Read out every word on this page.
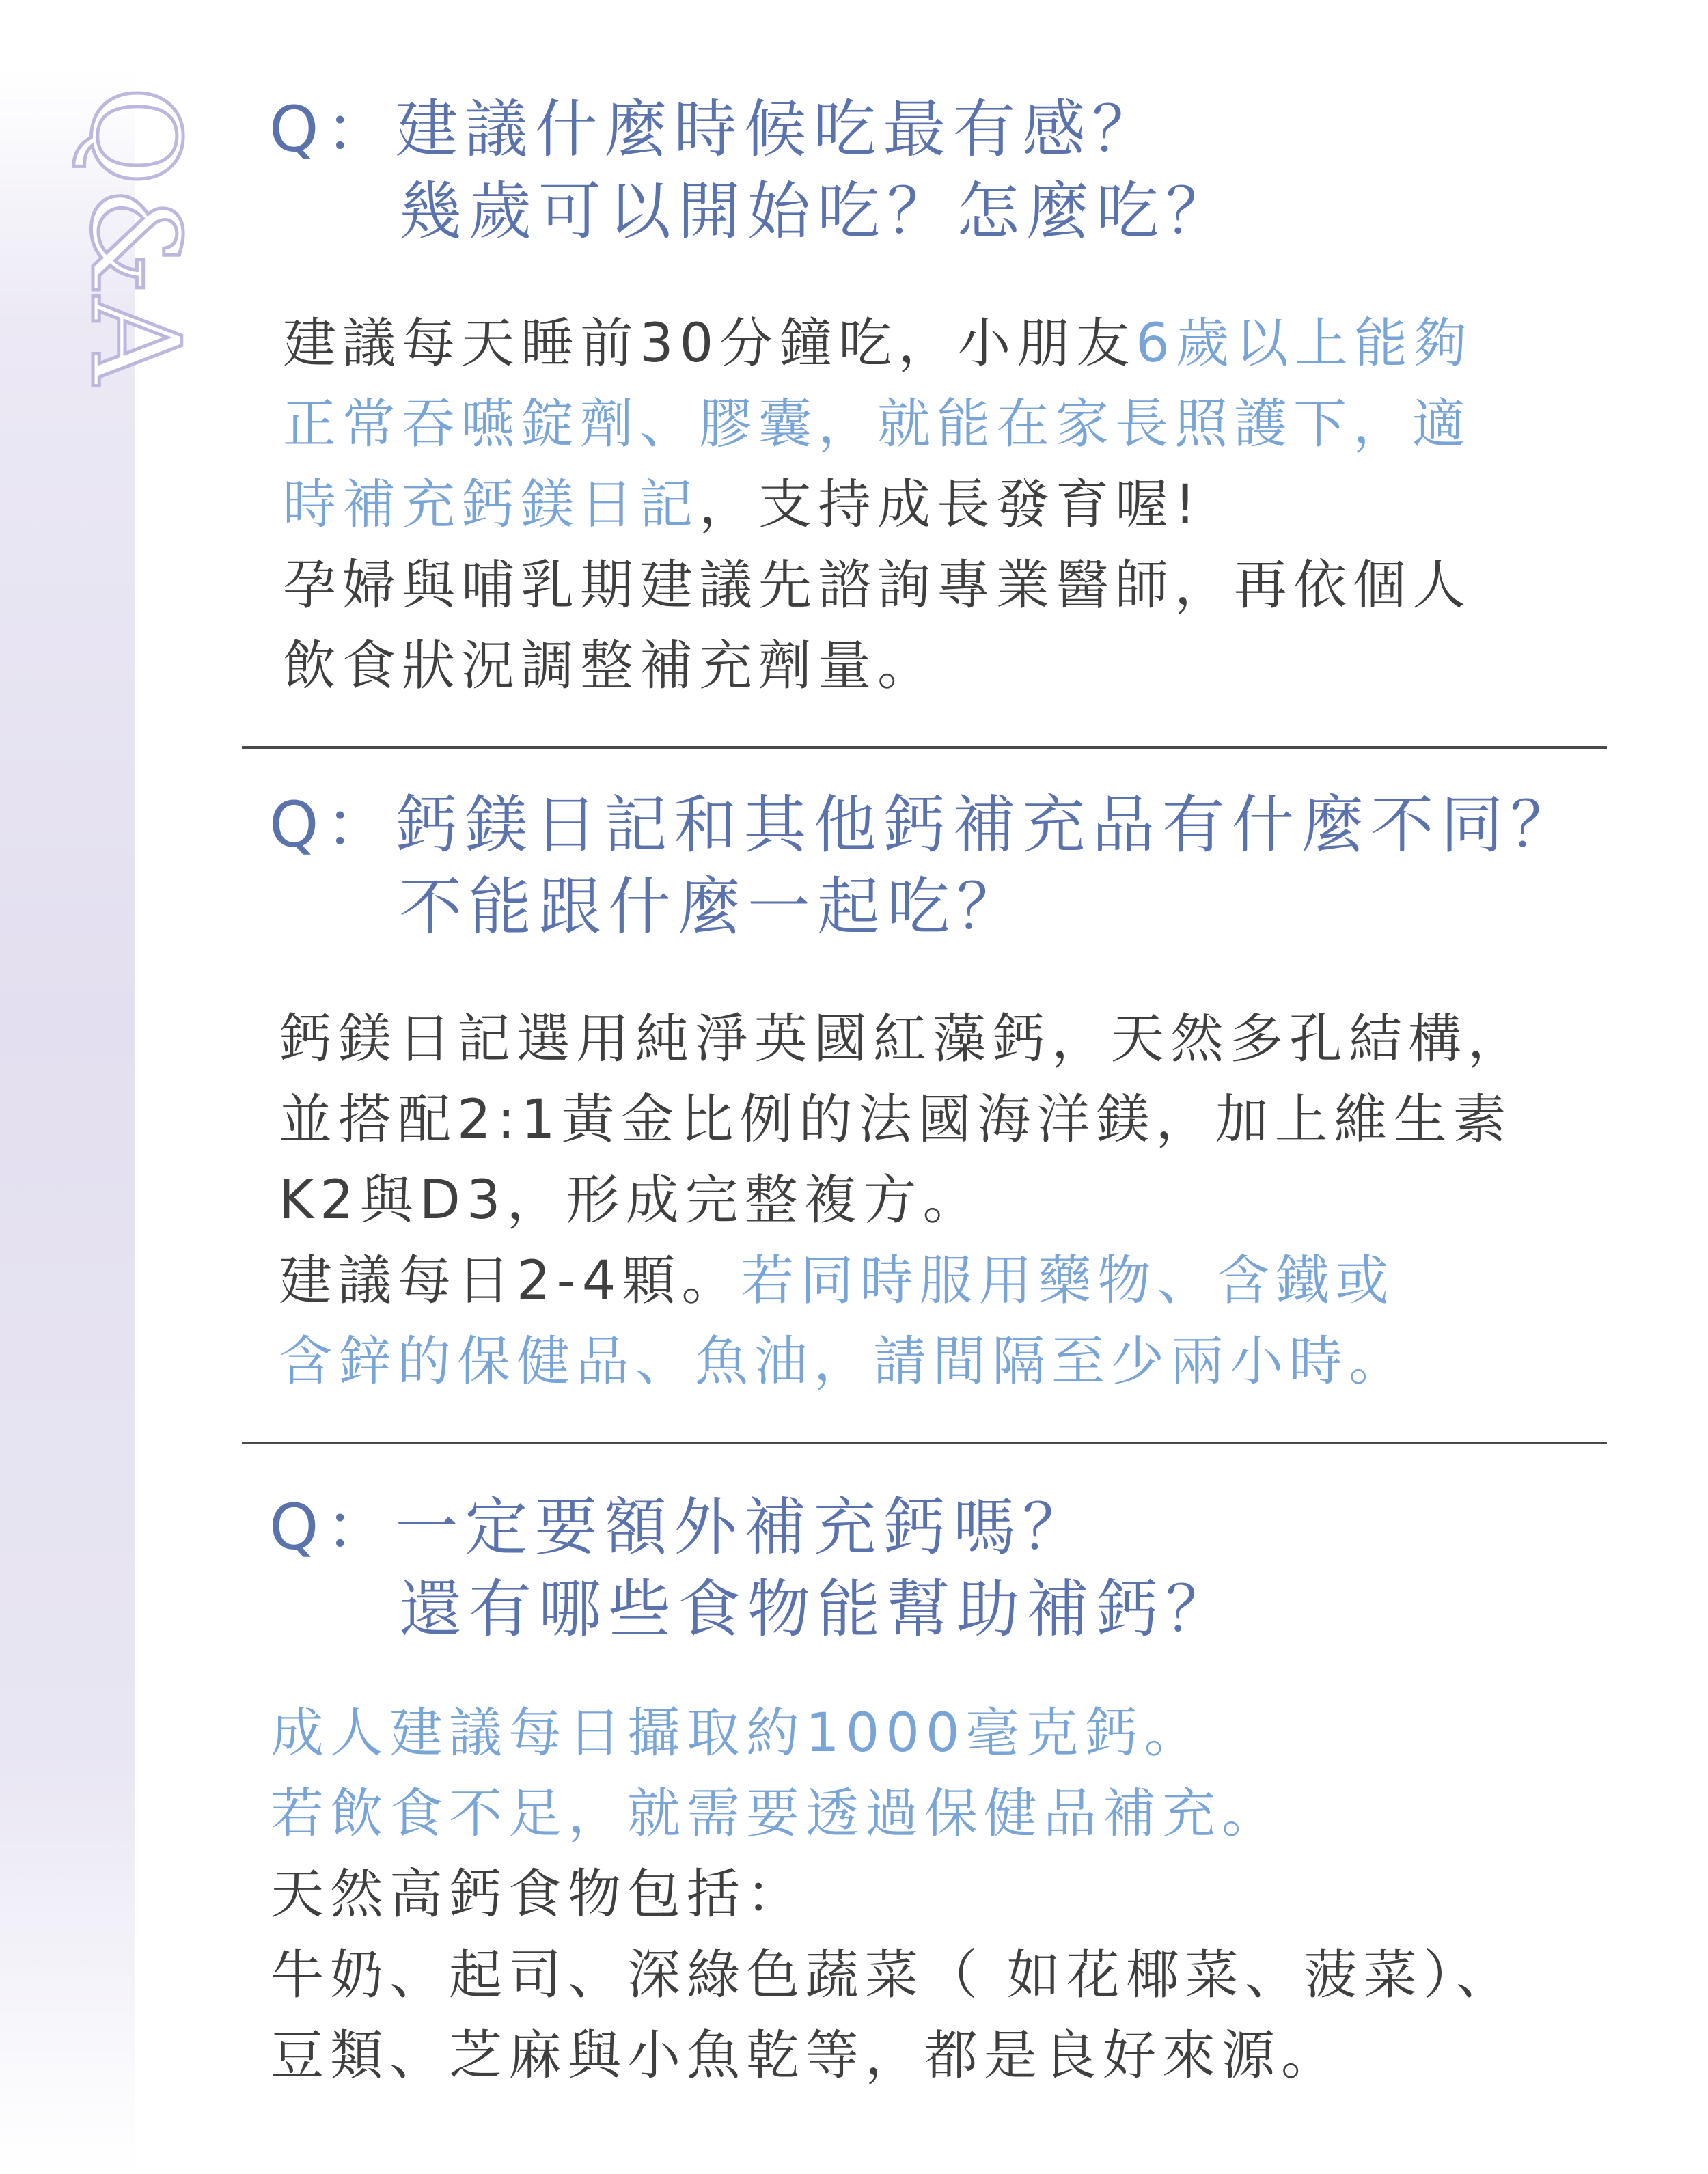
Q&A Q：建議什麼時候吃最有感？
幾歲可以開始吃？怎麼吃？
建議每天睡前30分鐘吃，小朋友6歲以上能夠
正常吞嚥錠劑、膠囊，就能在家長照護下，適
時補充鈣鎂日記，支持成長發育喔!
孕婦與哺乳期建議先諮詢專業醫師，再依個人
飲食狀況調整補充劑量。
Q：鈣鎂日記和其他鈣補充品有什麼不同？
不能跟什麼一起吃？
鈣鎂日記選用純淨英國紅藻鈣，天然多孔結構，
並搭配2:1黃金比例的法國海洋鎂，加上維生素
K2與D3，形成完整複方。
建議每日2-4顆。若同時服用藥物、含鐵或
含鋅的保健品、魚油，請間隔至少兩小時。
Q：一定要額外補充鈣嗎？
還有哪些食物能幫助補鈣？
成人建議每日攝取約1000毫克鈣。
若飲食不足，就需要透過保健品補充。
天然高鈣食物包括：
牛奶、起司、深綠色蔬菜（ 如花椰菜、菠菜）、
豆類、芝麻與小魚乾等，都是良好來源。
